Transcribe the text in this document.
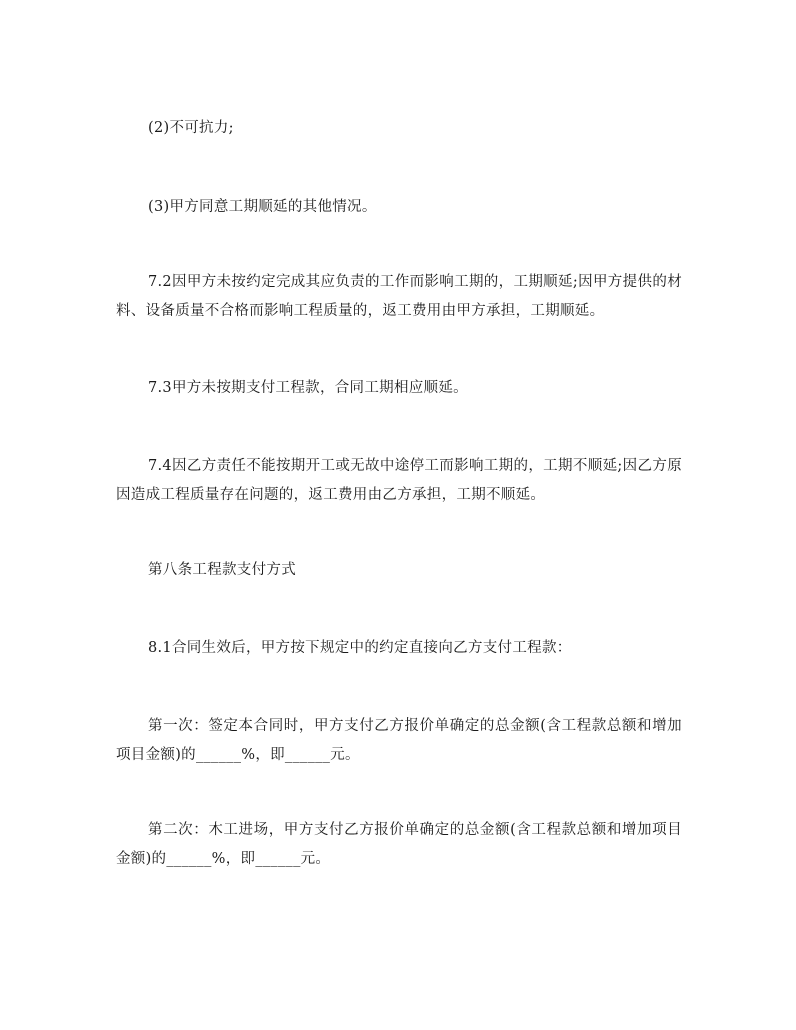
(2)不可抗力;

(3)甲方同意工期顺延的其他情况。

7.2因甲方未按约定完成其应负责的工作而影响工期的，工期顺延;因甲方提供的材料、设备质量不合格而影响工程质量的，返工费用由甲方承担，工期顺延。

7.3甲方未按期支付工程款，合同工期相应顺延。

7.4因乙方责任不能按期开工或无故中途停工而影响工期的，工期不顺延;因乙方原因造成工程质量存在问题的，返工费用由乙方承担，工期不顺延。

第八条工程款支付方式

8.1合同生效后，甲方按下规定中的约定直接向乙方支付工程款：

第一次：签定本合同时，甲方支付乙方报价单确定的总金额(含工程款总额和增加项目金额)的______%，即______元。

第二次：木工进场，甲方支付乙方报价单确定的总金额(含工程款总额和增加项目金额)的______%，即______元。
